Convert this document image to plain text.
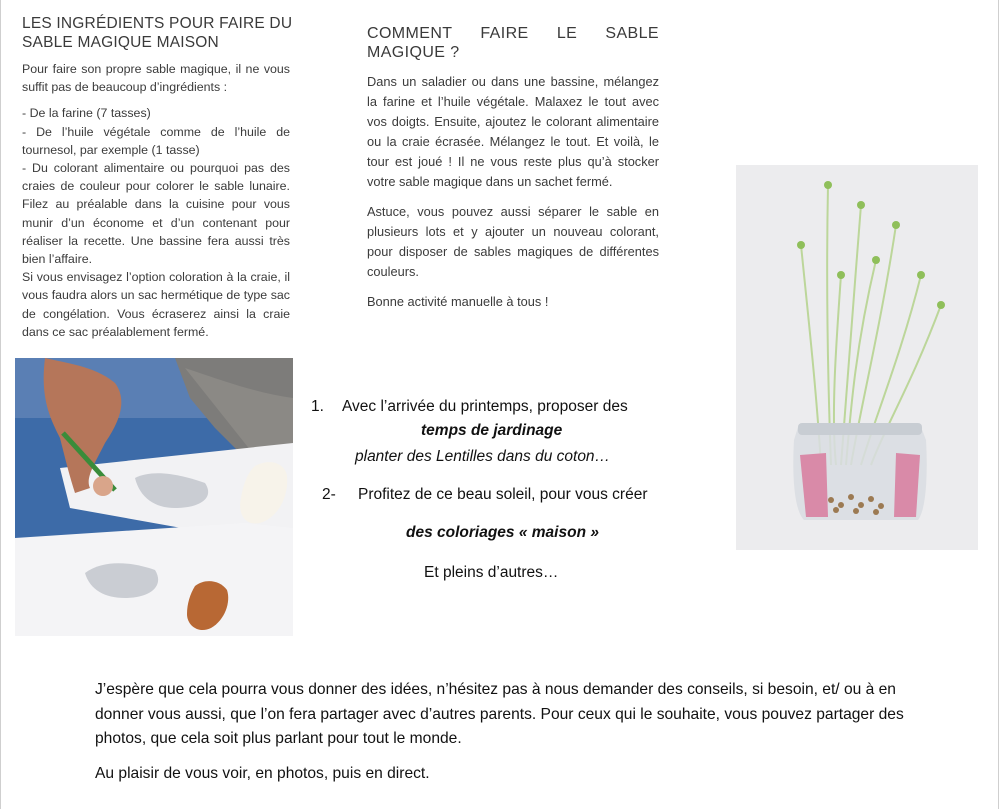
LES INGRÉDIENTS POUR FAIRE DU SABLE MAGIQUE MAISON

Pour faire son propre sable magique, il ne vous suffit pas de beaucoup d’ingrédients :

- De la farine (7 tasses)
- De l’huile végétale comme de l’huile de tournesol, par exemple (1 tasse)
- Du colorant alimentaire ou pourquoi pas des craies de couleur pour colorer le sable lunaire. Filez au préalable dans la cuisine pour vous munir d’un économe et d’un contenant pour réaliser la recette. Une bassine fera aussi très bien l’affaire.
Si vous envisagez l’option coloration à la craie, il vous faudra alors un sac hermétique de type sac de congélation. Vous écraserez ainsi la craie dans ce sac préalablement fermé.
COMMENT FAIRE LE SABLE MAGIQUE ?

Dans un saladier ou dans une bassine, mélangez la farine et l’huile végétale. Malaxez le tout avec vos doigts. Ensuite, ajoutez le colorant alimentaire ou la craie écrasée. Mélangez le tout. Et voilà, le tour est joué ! Il ne vous reste plus qu’à stocker votre sable magique dans un sachet fermé.

Astuce, vous pouvez aussi séparer le sable en plusieurs lots et y ajouter un nouveau colorant, pour disposer de sables magiques de différentes couleurs.

Bonne activité manuelle à tous !

1. Avec l’arrivée du printemps, proposer des
temps de jardinage
planter des Lentilles dans du coton…
2- Profitez de ce beau soleil, pour vous créer
des coloriages « maison »
Et pleins d’autres…

J’espère que cela pourra vous donner des idées, n’hésitez pas à nous demander des conseils, si besoin, et/ ou à en donner vous aussi, que l’on fera partager avec d’autres parents. Pour ceux qui le souhaite, vous pouvez partager des photos, que cela soit plus parlant pour tout le monde.

Au plaisir de vous voir, en photos, puis en direct.
